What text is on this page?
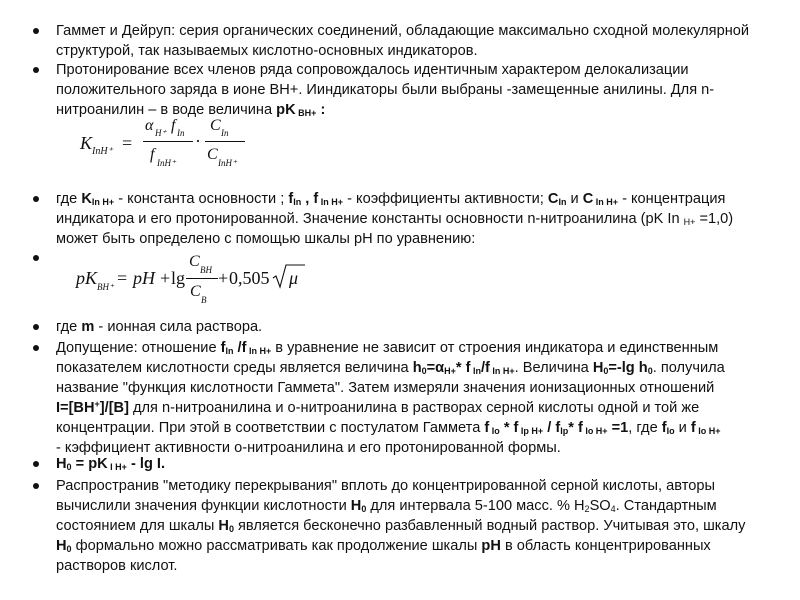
Гаммет и Дейруп: серия органических соединений, обладающие максимально сходной молекулярной
структурой, так называемых кислотно-основных индикаторов.
Протонирование всех членов ряда сопровождалось идентичным характером делокализации
положительного заряда в ионе BH+. Ииндикаторы были выбраны -замещенные анилины. Для n-
нитроанилин – в воде величина pK $_{BH+}$ :
где $K_{In H+}$ - константа основности ; $f_{In}$ , f $_{In H+}$ - коэффициенты активности; $C_{In}$ и C $_{In H+}$ - концентрация
индикатора и его протонированной. Значение константы основности n-нитроанилина (pK In $_{H+}$ =1,0)
может быть определено с помощью шкалы pH по уравнению:
где m - ионная сила раствора.
Допущение: отношение $f_{In}$ /f $_{In H+}$ в уравнение не зависит от строения индикатора и единственным
показателем кислотности среды является величина $h_0=\alpha_{H+}*$ f $_{In}$/f $_{In H+}$. Величина $H_0=-\lg$ $h_0$. получила
название "функция кислотности Гаммета". Затем измеряли значения ионизационных отношений
I=[BH+]/[B] для n-нитроанилина и о-нитроанилина в растворах серной кислоты одной и той же
концентрации. При этой в соответствии с постулатом Гаммета f $_{Io}$ * f $_{Ip H+} / f_{Ip}*$ f $_{Io H+}$ =1, где $f_{Io}$ и f $_{Io H+}$
- кэффициент активности о-нитроанилина и его протонированной формы.
$H_0$ = pK $_{I H+}$ - lg I.
Распространив "методику перекрывания" вплоть до концентрированной серной кислоты, авторы
вычислили значения функции кислотности $H_0$ для интервала 5-100 масс. % $H_2SO_4$. Стандартным
состоянием для шкалы $H_0$ является бесконечно разбавленный водный раствор. Учитывая это, шкалу
$H_0$ формально можно рассматривать как продолжение шкалы pH в область концентрированных
растворов кислот.
K InH⁺ =
α H⁺ f In
f InH⁺
·
C In
C InH⁺
pK BH⁺ = pH + lg
C BH
C B
+ 0,505 μ
